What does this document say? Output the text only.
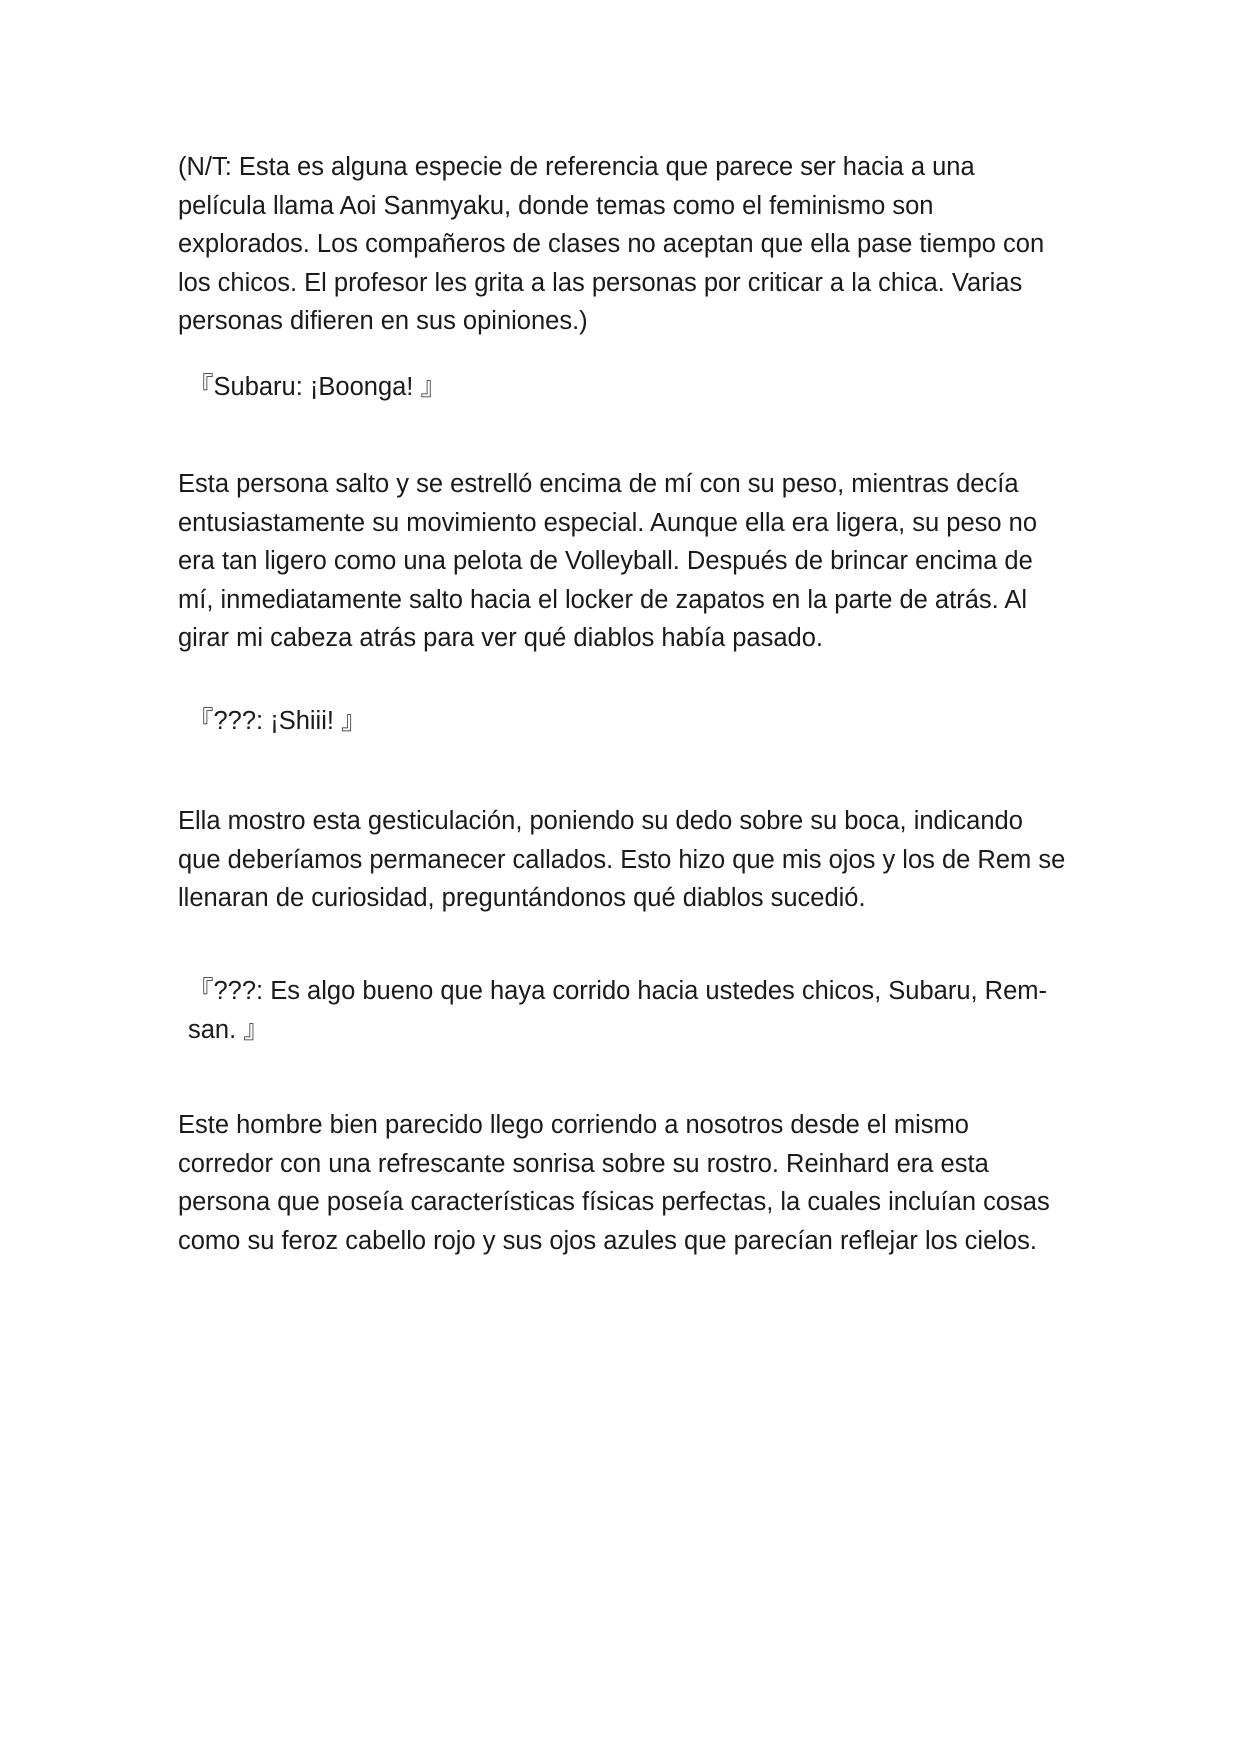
(N/T: Esta es alguna especie de referencia que parece ser hacia a una película llama Aoi Sanmyaku, donde temas como el feminismo son explorados. Los compañeros de clases no aceptan que ella pase tiempo con los chicos. El profesor les grita a las personas por criticar a la chica. Varias personas difieren en sus opiniones.)

『Subaru: ¡Boonga! 』

Esta persona salto y se estrelló encima de mí con su peso, mientras decía entusiastamente su movimiento especial. Aunque ella era ligera, su peso no era tan ligero como una pelota de Volleyball. Después de brincar encima de mí, inmediatamente salto hacia el locker de zapatos en la parte de atrás. Al girar mi cabeza atrás para ver qué diablos había pasado.

『???: ¡Shiii! 』

Ella mostro esta gesticulación, poniendo su dedo sobre su boca, indicando que deberíamos permanecer callados. Esto hizo que mis ojos y los de Rem se llenaran de curiosidad, preguntándonos qué diablos sucedió.

『???: Es algo bueno que haya corrido hacia ustedes chicos, Subaru, Rem-san. 』

Este hombre bien parecido llego corriendo a nosotros desde el mismo corredor con una refrescante sonrisa sobre su rostro. Reinhard era esta persona que poseía características físicas perfectas, la cuales incluían cosas como su feroz cabello rojo y sus ojos azules que parecían reflejar los cielos.
